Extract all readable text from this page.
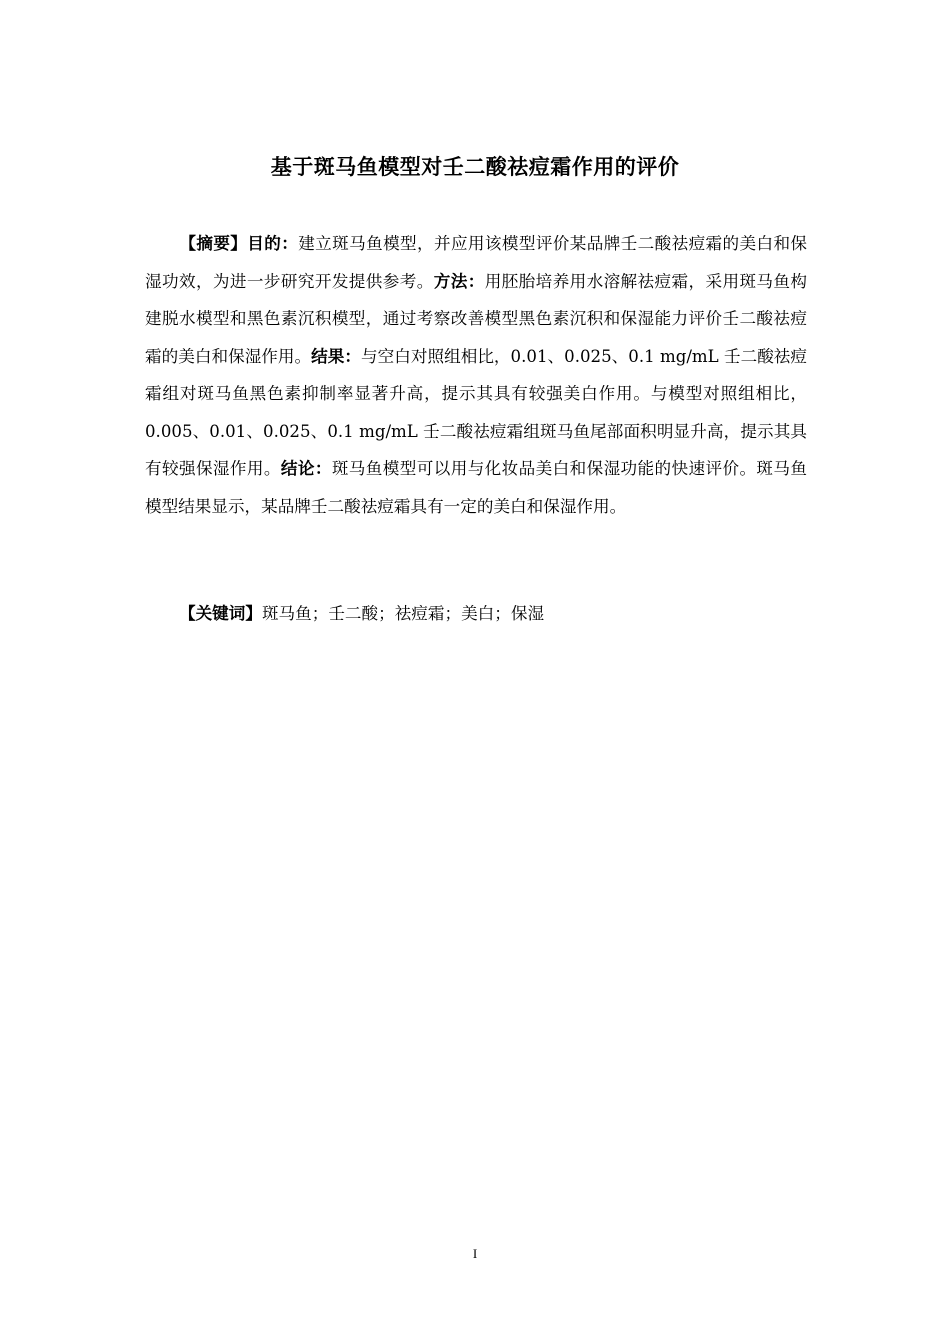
基于斑马鱼模型对壬二酸祛痘霜作用的评价

【摘要】目的：建立斑马鱼模型，并应用该模型评价某品牌壬二酸祛痘霜的美白和保湿功效，为进一步研究开发提供参考。方法：用胚胎培养用水溶解祛痘霜，采用斑马鱼构建脱水模型和黑色素沉积模型，通过考察改善模型黑色素沉积和保湿能力评价壬二酸祛痘霜的美白和保湿作用。结果：与空白对照组相比，0.01、0.025、0.1 mg/mL 壬二酸祛痘霜组对斑马鱼黑色素抑制率显著升高，提示其具有较强美白作用。与模型对照组相比，0.005、0.01、0.025、0.1 mg/mL 壬二酸祛痘霜组斑马鱼尾部面积明显升高，提示其具有较强保湿作用。结论：斑马鱼模型可以用与化妆品美白和保湿功能的快速评价。斑马鱼模型结果显示，某品牌壬二酸祛痘霜具有一定的美白和保湿作用。

【关键词】斑马鱼；壬二酸；祛痘霜；美白；保湿

I
